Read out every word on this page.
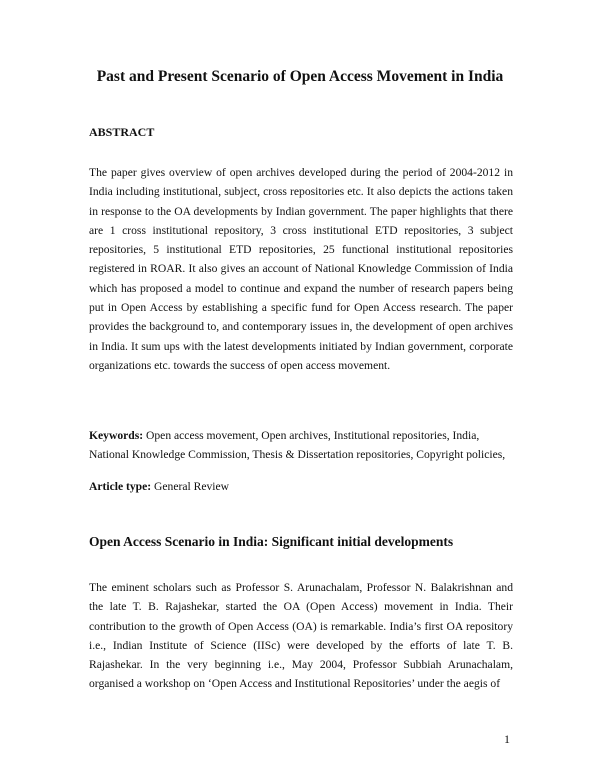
Past and Present Scenario of Open Access Movement in India
ABSTRACT

The paper gives overview of open archives developed during the period of 2004-2012 in India including institutional, subject, cross repositories etc. It also depicts the actions taken in response to the OA developments by Indian government. The paper highlights that there are 1 cross institutional repository, 3 cross institutional ETD repositories, 3 subject repositories, 5 institutional ETD repositories, 25 functional institutional repositories registered in ROAR. It also gives an account of National Knowledge Commission of India which has proposed a model to continue and expand the number of research papers being put in Open Access by establishing a specific fund for Open Access research. The paper provides the background to, and contemporary issues in, the development of open archives in India. It sum ups with the latest developments initiated by Indian government, corporate organizations etc. towards the success of open access movement.

Keywords: Open access movement, Open archives, Institutional repositories, India, National Knowledge Commission, Thesis & Dissertation repositories, Copyright policies,

Article type: General Review

Open Access Scenario in India: Significant initial developments

The eminent scholars such as Professor S. Arunachalam, Professor N. Balakrishnan and the late T. B. Rajashekar, started the OA (Open Access) movement in India. Their contribution to the growth of Open Access (OA) is remarkable. India’s first OA repository i.e., Indian Institute of Science (IISc) were developed by the efforts of late T. B. Rajashekar. In the very beginning i.e., May 2004, Professor Subbiah Arunachalam, organised a workshop on ‘Open Access and Institutional Repositories’ under the aegis of

1
